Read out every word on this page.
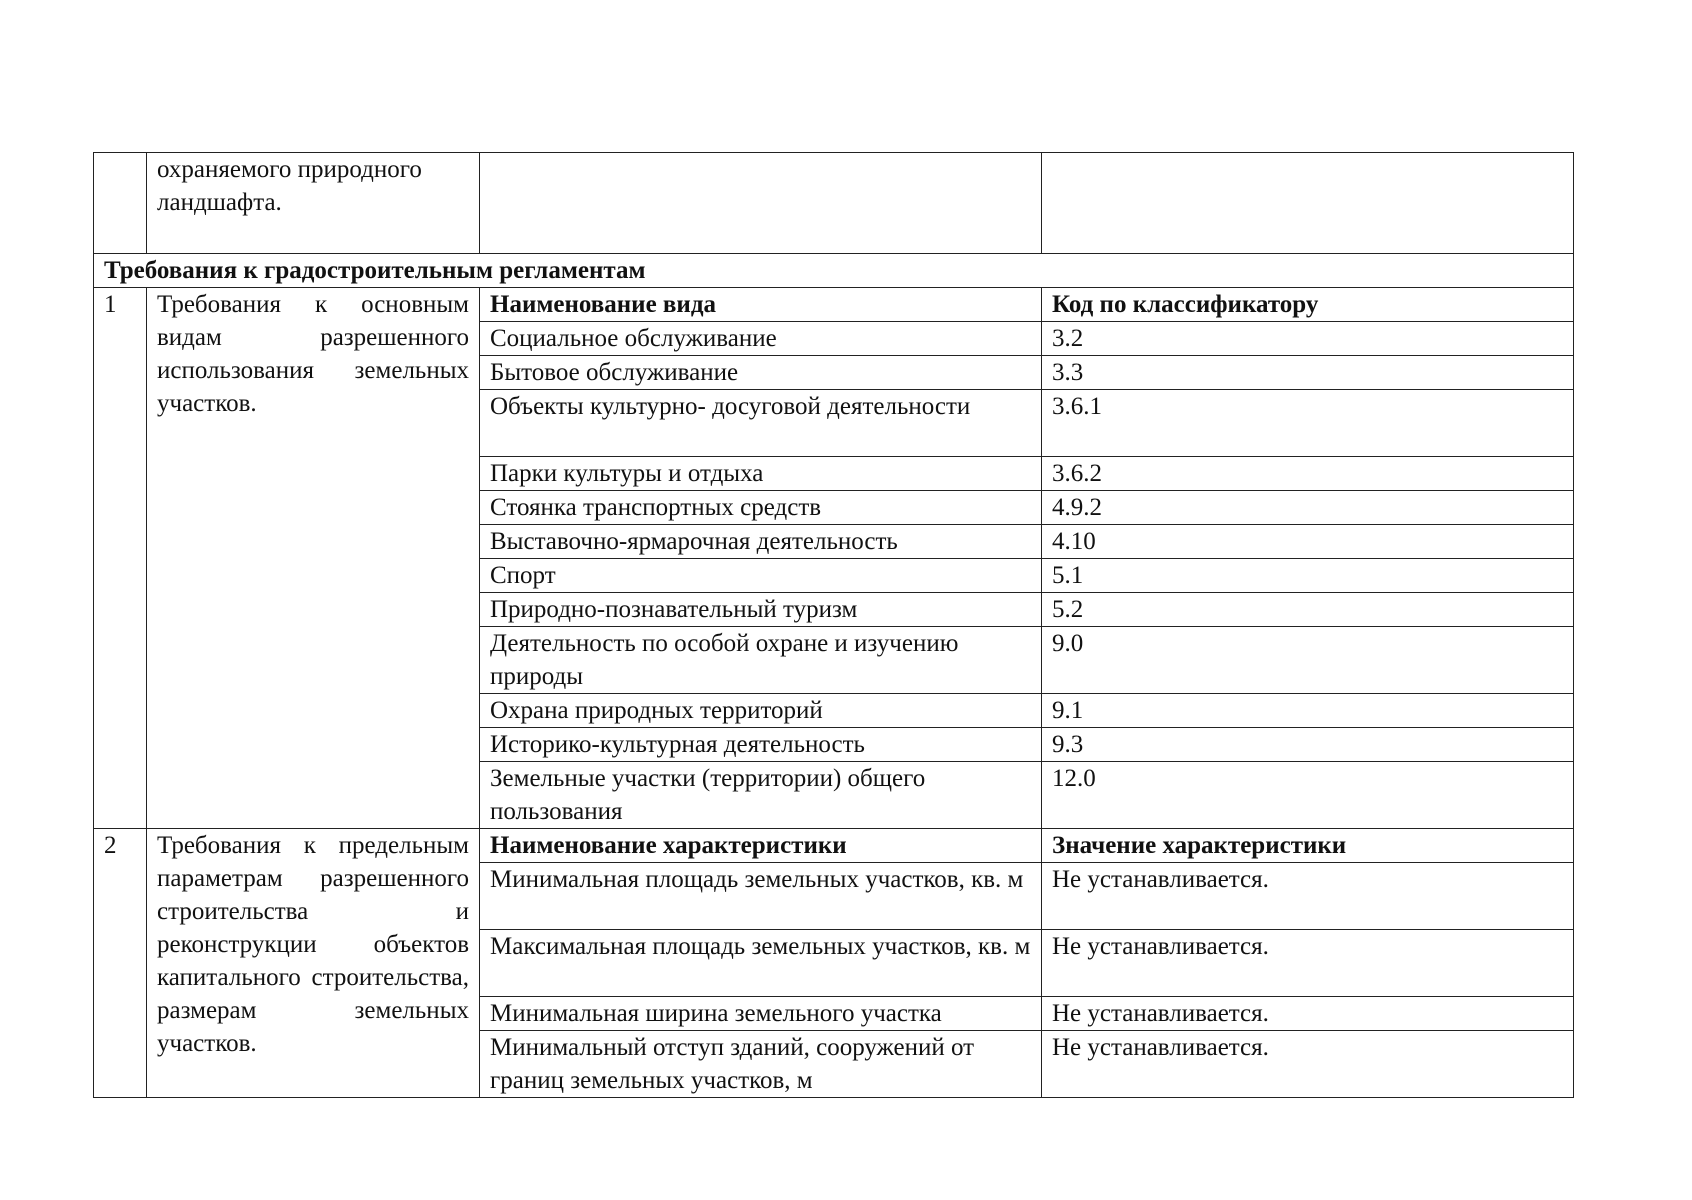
	охраняемого природного ландшафта.		
Требования к градостроительным регламентам			
1	Требования к основным видам разрешенного использования земельных участков.	Наименование вида	Код по классификатору
		Социальное обслуживание	3.2
		Бытовое обслуживание	3.3
		Объекты культурно- досуговой деятельности	3.6.1
		Парки культуры и отдыха	3.6.2
		Стоянка транспортных средств	4.9.2
		Выставочно-ярмарочная деятельность	4.10
		Спорт	5.1
		Природно-познавательный туризм	5.2
		Деятельность по особой охране и изучению природы	9.0
		Охрана природных территорий	9.1
		Историко-культурная деятельность	9.3
		Земельные участки (территории) общего пользования	12.0
2	Требования к предельным параметрам разрешенного строительства и реконструкции объектов капитального строительства, размерам земельных участков.	Наименование характеристики	Значение характеристики
		Минимальная площадь земельных участков, кв. м	Не устанавливается.
		Максимальная площадь земельных участков, кв. м	Не устанавливается.
		Минимальная ширина земельного участка	Не устанавливается.
		Минимальный отступ зданий, сооружений от границ земельных участков, м	Не устанавливается.
